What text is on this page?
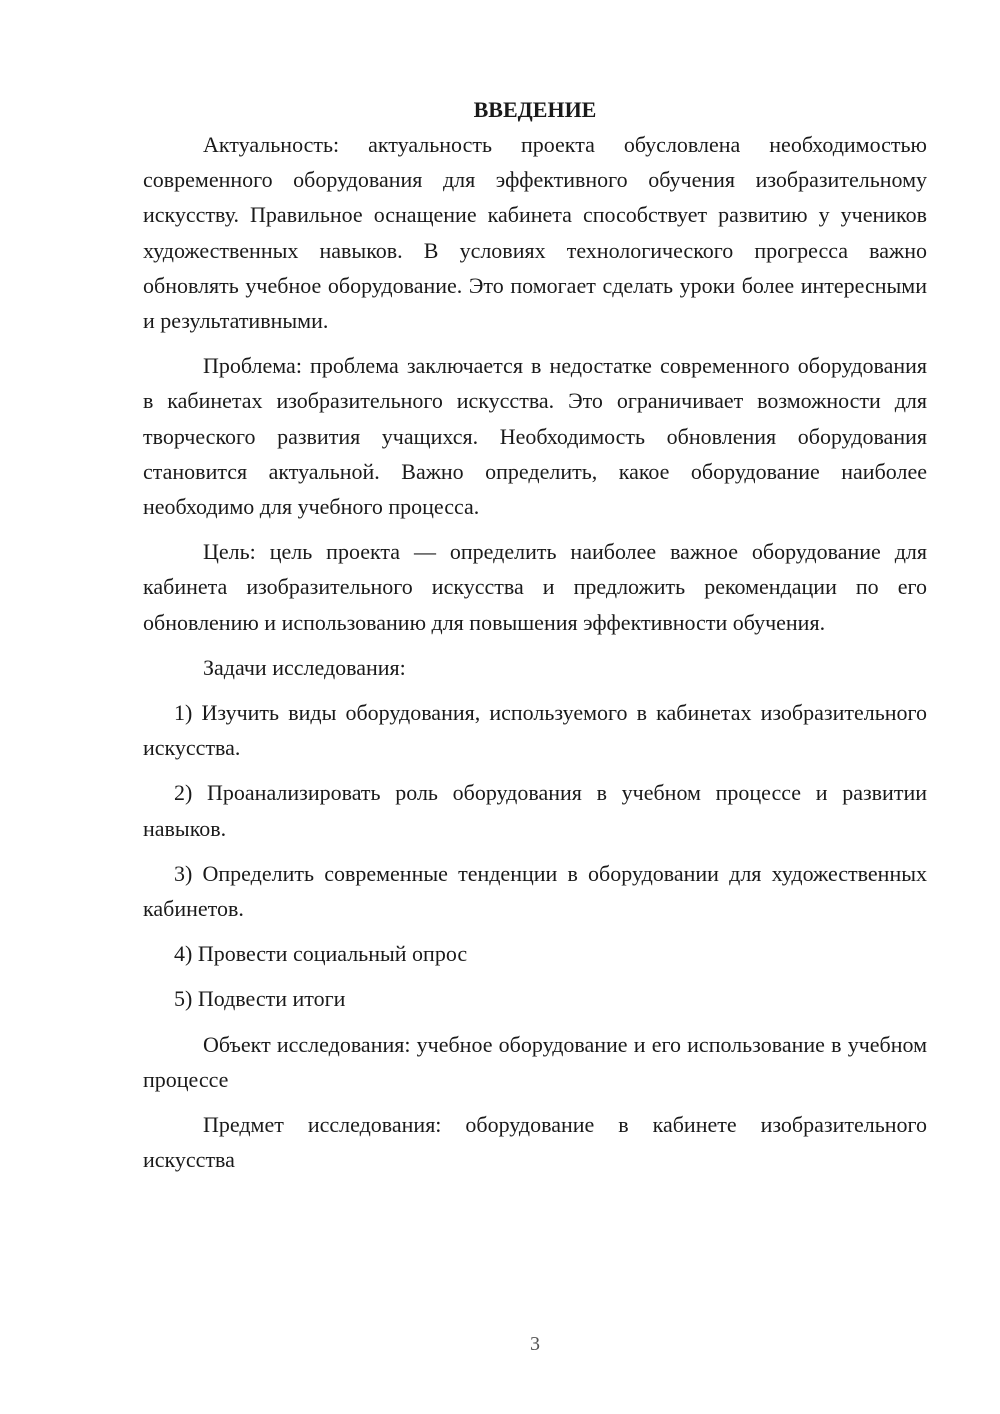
ВВЕДЕНИЕ

Актуальность: актуальность проекта обусловлена необходимостью современного оборудования для эффективного обучения изобразительному искусству. Правильное оснащение кабинета способствует развитию у учеников художественных навыков. В условиях технологического прогресса важно обновлять учебное оборудование. Это помогает сделать уроки более интересными и результативными.

Проблема: проблема заключается в недостатке современного оборудования в кабинетах изобразительного искусства. Это ограничивает возможности для творческого развития учащихся. Необходимость обновления оборудования становится актуальной. Важно определить, какое оборудование наиболее необходимо для учебного процесса.

Цель: цель проекта — определить наиболее важное оборудование для кабинета изобразительного искусства и предложить рекомендации по его обновлению и использованию для повышения эффективности обучения.

Задачи исследования:

1) Изучить виды оборудования, используемого в кабинетах изобразительного искусства.

2) Проанализировать роль оборудования в учебном процессе и развитии навыков.

3) Определить современные тенденции в оборудовании для художественных кабинетов.

4) Провести социальный опрос

5) Подвести итоги

Объект исследования: учебное оборудование и его использование в учебном процессе

Предмет исследования: оборудование в кабинете изобразительного искусства

3
